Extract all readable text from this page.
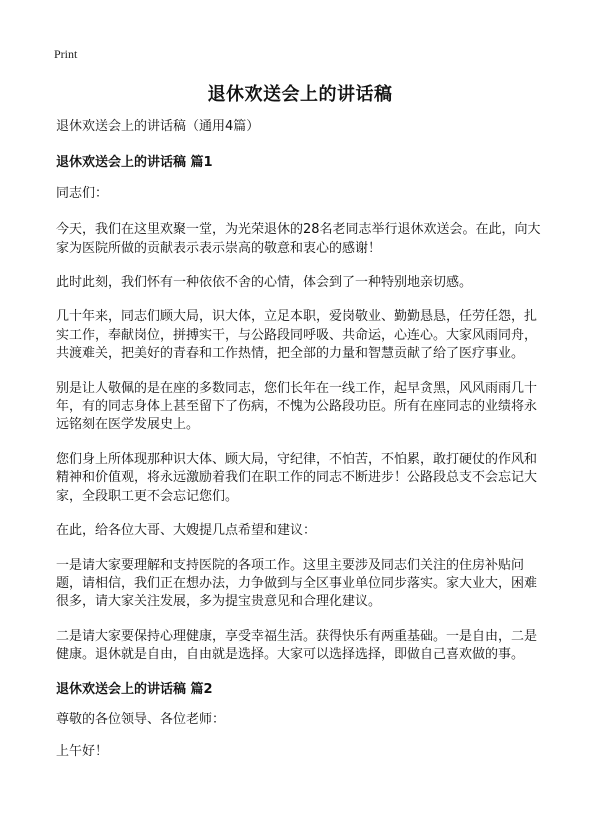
Print
退休欢送会上的讲话稿

退休欢送会上的讲话稿（通用4篇）

退休欢送会上的讲话稿 篇1

同志们：

今天，我们在这里欢聚一堂，为光荣退休的28名老同志举行退休欢送会。在此，向大家为医院所做的贡献表示表示崇高的敬意和衷心的感谢！

此时此刻，我们怀有一种依依不舍的心情，体会到了一种特别地亲切感。

几十年来，同志们顾大局，识大体，立足本职，爱岗敬业、勤勤恳恳，任劳任怨，扎实工作，奉献岗位，拼搏实干，与公路段同呼吸、共命运，心连心。大家风雨同舟，共渡难关，把美好的青春和工作热情，把全部的力量和智慧贡献了给了医疗事业。

别是让人敬佩的是在座的多数同志，您们长年在一线工作，起早贪黑，风风雨雨几十年，有的同志身体上甚至留下了伤病，不愧为公路段功臣。所有在座同志的业绩将永远铭刻在医学发展史上。

您们身上所体现那种识大体、顾大局，守纪律，不怕苦，不怕累，敢打硬仗的作风和精神和价值观，将永远激励着我们在职工作的同志不断进步！公路段总支不会忘记大家，全段职工更不会忘记您们。

在此，给各位大哥、大嫂提几点希望和建议：

一是请大家要理解和支持医院的各项工作。这里主要涉及同志们关注的住房补贴问题，请相信，我们正在想办法，力争做到与全区事业单位同步落实。家大业大，困难很多，请大家关注发展，多为提宝贵意见和合理化建议。

二是请大家要保持心理健康，享受幸福生活。获得快乐有两重基础。一是自由，二是健康。退休就是自由，自由就是选择。大家可以选择选择，即做自己喜欢做的事。

退休欢送会上的讲话稿 篇2

尊敬的各位领导、各位老师：

上午好！
